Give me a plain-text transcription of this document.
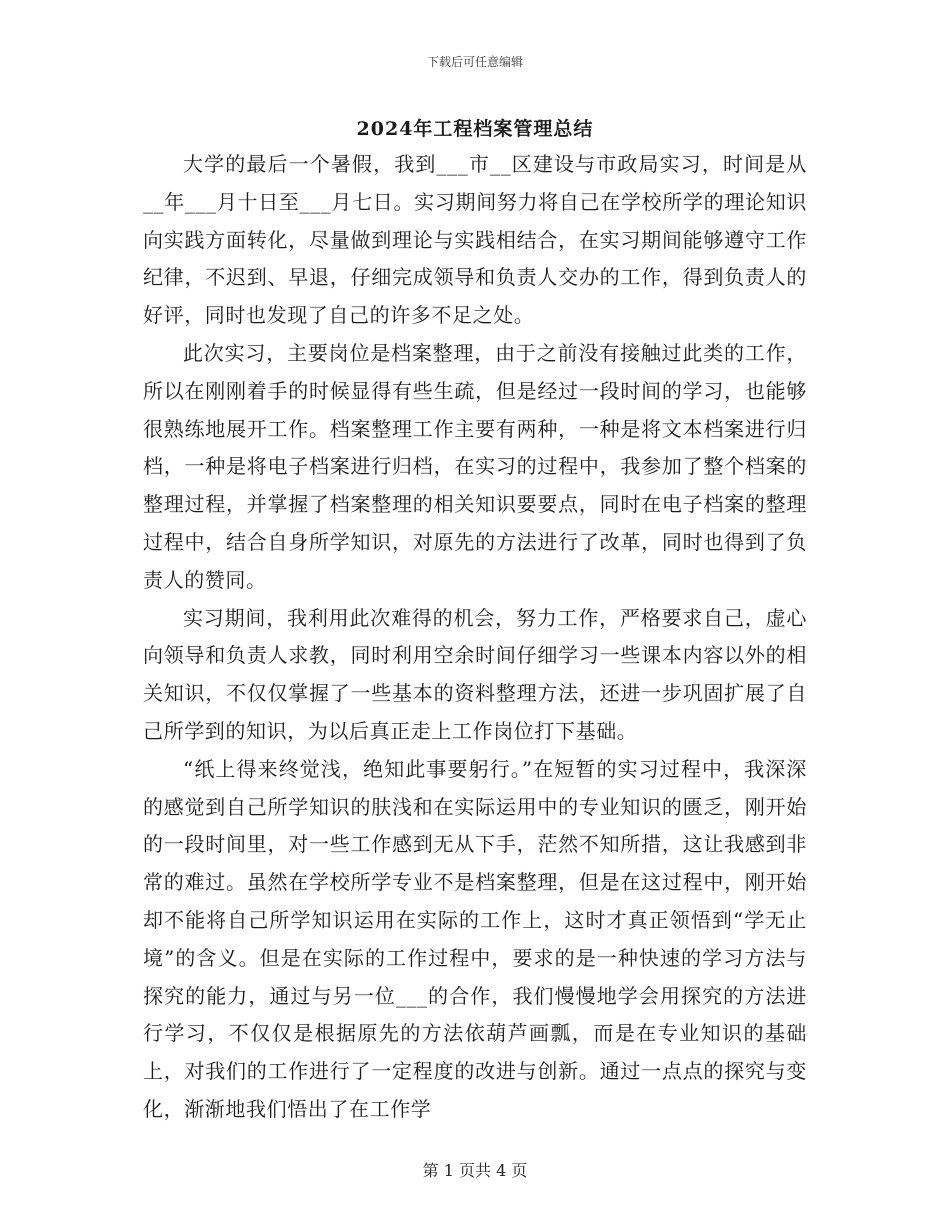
下载后可任意编辑
2024年工程档案管理总结

大学的最后一个暑假，我到___市__区建设与市政局实习，时间是从__年___月十日至___月七日。实习期间努力将自己在学校所学的理论知识向实践方面转化，尽量做到理论与实践相结合，在实习期间能够遵守工作纪律，不迟到、早退，仔细完成领导和负责人交办的工作，得到负责人的好评，同时也发现了自己的许多不足之处。

此次实习，主要岗位是档案整理，由于之前没有接触过此类的工作，所以在刚刚着手的时候显得有些生疏，但是经过一段时间的学习，也能够很熟练地展开工作。档案整理工作主要有两种，一种是将文本档案进行归档，一种是将电子档案进行归档，在实习的过程中，我参加了整个档案的整理过程，并掌握了档案整理的相关知识要要点，同时在电子档案的整理过程中，结合自身所学知识，对原先的方法进行了改革，同时也得到了负责人的赞同。

实习期间，我利用此次难得的机会，努力工作，严格要求自己，虚心向领导和负责人求教，同时利用空余时间仔细学习一些课本内容以外的相关知识，不仅仅掌握了一些基本的资料整理方法，还进一步巩固扩展了自己所学到的知识，为以后真正走上工作岗位打下基础。

“纸上得来终觉浅，绝知此事要躬行。”在短暂的实习过程中，我深深的感觉到自己所学知识的肤浅和在实际运用中的专业知识的匮乏，刚开始的一段时间里，对一些工作感到无从下手，茫然不知所措，这让我感到非常的难过。虽然在学校所学专业不是档案整理，但是在这过程中，刚开始却不能将自己所学知识运用在实际的工作上，这时才真正领悟到“学无止境”的含义。但是在实际的工作过程中，要求的是一种快速的学习方法与探究的能力，通过与另一位___的合作，我们慢慢地学会用探究的方法进行学习，不仅仅是根据原先的方法依葫芦画瓢，而是在专业知识的基础上，对我们的工作进行了一定程度的改进与创新。通过一点点的探究与变化，渐渐地我们悟出了在工作学

第 1 页共 4 页
